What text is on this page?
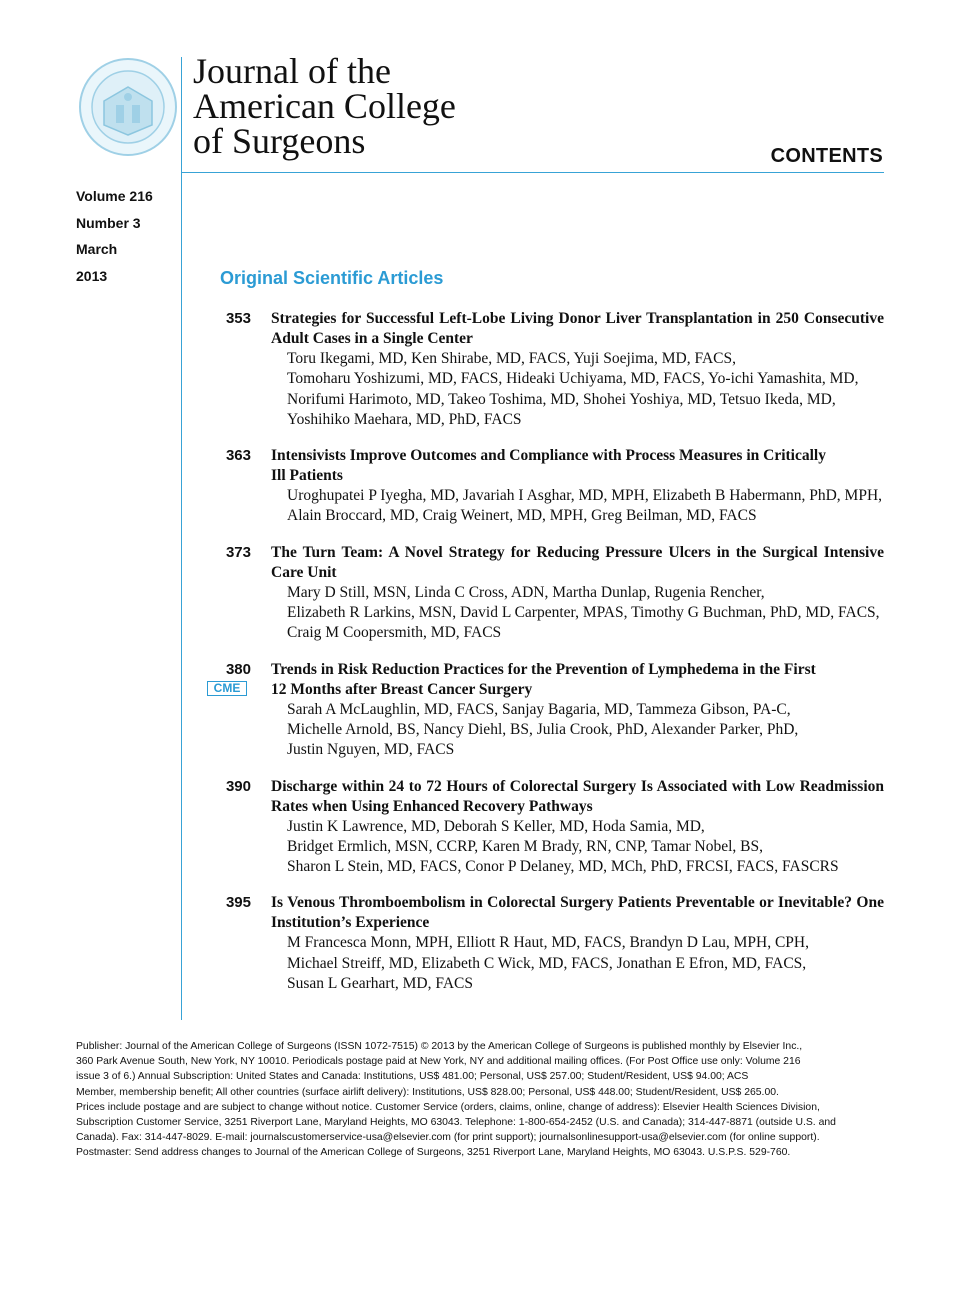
Journal of the
American College
of Surgeons	CONTENTS
Volume 216
Number 3
March
2013	Original Scientific Articles
353 Strategies for Successful Left-Lobe Living Donor Liver Transplantation in 250 Consecutive Adult Cases in a Single Center
Toru Ikegami, MD, Ken Shirabe, MD, FACS, Yuji Soejima, MD, FACS,
Tomoharu Yoshizumi, MD, FACS, Hideaki Uchiyama, MD, FACS, Yo-ichi Yamashita, MD,
Norifumi Harimoto, MD, Takeo Toshima, MD, Shohei Yoshiya, MD, Tetsuo Ikeda, MD,
Yoshihiko Maehara, MD, PhD, FACS
363 Intensivists Improve Outcomes and Compliance with Process Measures in Critically Ill Patients
Uroghupatei P Iyegha, MD, Javariah I Asghar, MD, MPH, Elizabeth B Habermann, PhD, MPH,
Alain Broccard, MD, Craig Weinert, MD, MPH, Greg Beilman, MD, FACS
373 The Turn Team: A Novel Strategy for Reducing Pressure Ulcers in the Surgical Intensive Care Unit
Mary D Still, MSN, Linda C Cross, ADN, Martha Dunlap, Rugenia Rencher,
Elizabeth R Larkins, MSN, David L Carpenter, MPAS, Timothy G Buchman, PhD, MD, FACS,
Craig M Coopersmith, MD, FACS
380
CME
Trends in Risk Reduction Practices for the Prevention of Lymphedema in the First 12 Months after Breast Cancer Surgery
Sarah A McLaughlin, MD, FACS, Sanjay Bagaria, MD, Tammeza Gibson, PA-C,
Michelle Arnold, BS, Nancy Diehl, BS, Julia Crook, PhD, Alexander Parker, PhD,
Justin Nguyen, MD, FACS
390 Discharge within 24 to 72 Hours of Colorectal Surgery Is Associated with Low Readmission Rates when Using Enhanced Recovery Pathways
Justin K Lawrence, MD, Deborah S Keller, MD, Hoda Samia, MD,
Bridget Ermlich, MSN, CCRP, Karen M Brady, RN, CNP, Tamar Nobel, BS,
Sharon L Stein, MD, FACS, Conor P Delaney, MD, MCh, PhD, FRCSI, FACS, FASCRS
395 Is Venous Thromboembolism in Colorectal Surgery Patients Preventable or Inevitable? One Institution’s Experience
M Francesca Monn, MPH, Elliott R Haut, MD, FACS, Brandyn D Lau, MPH, CPH,
Michael Streiff, MD, Elizabeth C Wick, MD, FACS, Jonathan E Efron, MD, FACS,
Susan L Gearhart, MD, FACS
Publisher: Journal of the American College of Surgeons (ISSN 1072-7515) © 2013 by the American College of Surgeons is published monthly by Elsevier Inc.,
360 Park Avenue South, New York, NY 10010. Periodicals postage paid at New York, NY and additional mailing offices. (For Post Office use only: Volume 216
issue 3 of 6.) Annual Subscription: United States and Canada: Institutions, US$ 481.00; Personal, US$ 257.00; Student/Resident, US$ 94.00; ACS
Member, membership benefit; All other countries (surface airlift delivery): Institutions, US$ 828.00; Personal, US$ 448.00; Student/Resident, US$ 265.00.
Prices include postage and are subject to change without notice. Customer Service (orders, claims, online, change of address): Elsevier Health Sciences Division,
Subscription Customer Service, 3251 Riverport Lane, Maryland Heights, MO 63043. Telephone: 1-800-654-2452 (U.S. and Canada); 314-447-8871 (outside U.S. and
Canada). Fax: 314-447-8029. E-mail: journalscustomerservice-usa@elsevier.com (for print support); journalsonlinesupport-usa@elsevier.com (for online support).
Postmaster: Send address changes to Journal of the American College of Surgeons, 3251 Riverport Lane, Maryland Heights, MO 63043. U.S.P.S. 529-760.
